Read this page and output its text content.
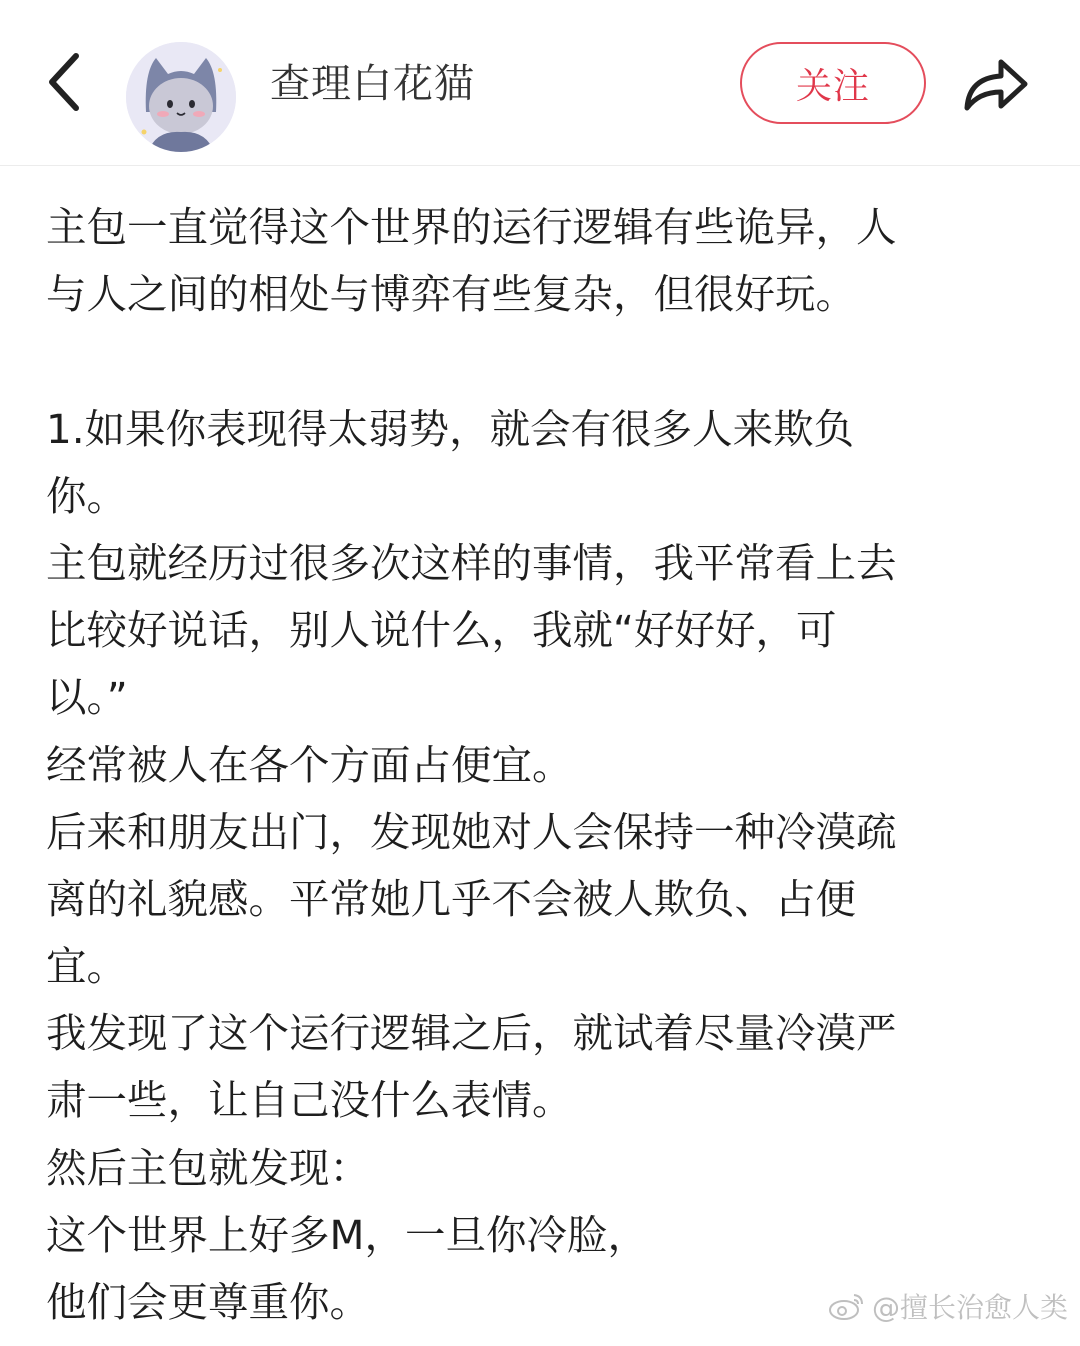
查理白花猫	关注
主包一直觉得这个世界的运行逻辑有些诡异，人
与人之间的相处与博弈有些复杂，但很好玩。
1.如果你表现得太弱势，就会有很多人来欺负
你。
主包就经历过很多次这样的事情，我平常看上去
比较好说话，别人说什么，我就“好好好，可
以。”
经常被人在各个方面占便宜。
后来和朋友出门，发现她对人会保持一种冷漠疏
离的礼貌感。平常她几乎不会被人欺负、占便
宜。
我发现了这个运行逻辑之后，就试着尽量冷漠严
肃一些，让自己没什么表情。
然后主包就发现：
这个世界上好多M，一旦你冷脸，
他们会更尊重你。	@擅长治愈人类
